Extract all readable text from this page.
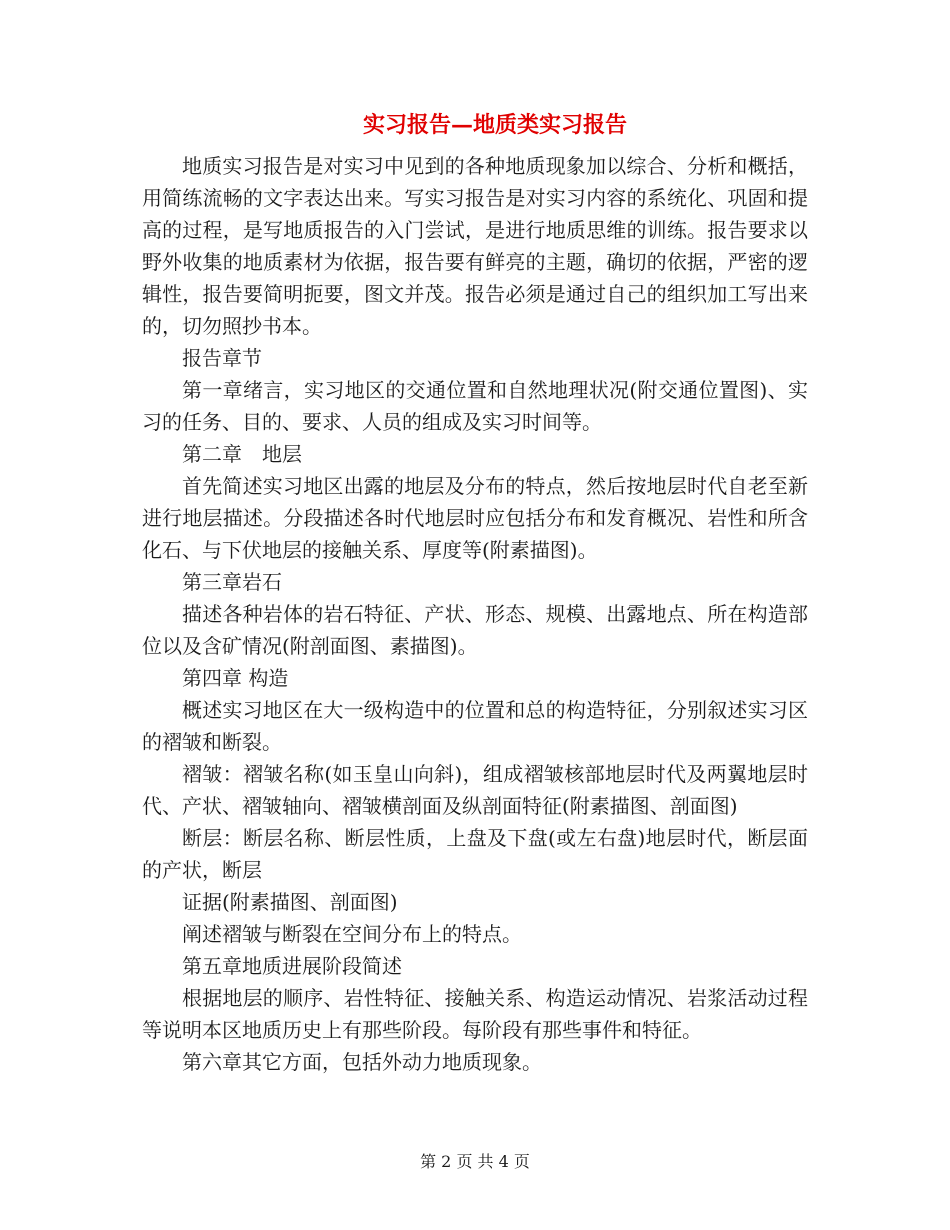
实习报告—地质类实习报告

地质实习报告是对实习中见到的各种地质现象加以综合、分析和概括，用简练流畅的文字表达出来。写实习报告是对实习内容的系统化、巩固和提高的过程，是写地质报告的入门尝试，是进行地质思维的训练。报告要求以野外收集的地质素材为依据，报告要有鲜亮的主题，确切的依据，严密的逻辑性，报告要简明扼要，图文并茂。报告必须是通过自己的组织加工写出来的，切勿照抄书本。

报告章节

第一章绪言，实习地区的交通位置和自然地理状况(附交通位置图)、实习的任务、目的、要求、人员的组成及实习时间等。

第二章　地层

首先简述实习地区出露的地层及分布的特点，然后按地层时代自老至新进行地层描述。分段描述各时代地层时应包括分布和发育概况、岩性和所含化石、与下伏地层的接触关系、厚度等(附素描图)。

第三章岩石

描述各种岩体的岩石特征、产状、形态、规模、出露地点、所在构造部位以及含矿情况(附剖面图、素描图)。

第四章 构造

概述实习地区在大一级构造中的位置和总的构造特征，分别叙述实习区的褶皱和断裂。

褶皱：褶皱名称(如玉皇山向斜)，组成褶皱核部地层时代及两翼地层时代、产状、褶皱轴向、褶皱横剖面及纵剖面特征(附素描图、剖面图)

断层：断层名称、断层性质，上盘及下盘(或左右盘)地层时代，断层面的产状，断层

证据(附素描图、剖面图)

阐述褶皱与断裂在空间分布上的特点。

第五章地质进展阶段简述

根据地层的顺序、岩性特征、接触关系、构造运动情况、岩浆活动过程等说明本区地质历史上有那些阶段。每阶段有那些事件和特征。

第六章其它方面，包括外动力地质现象。

第 2 页 共 4 页
